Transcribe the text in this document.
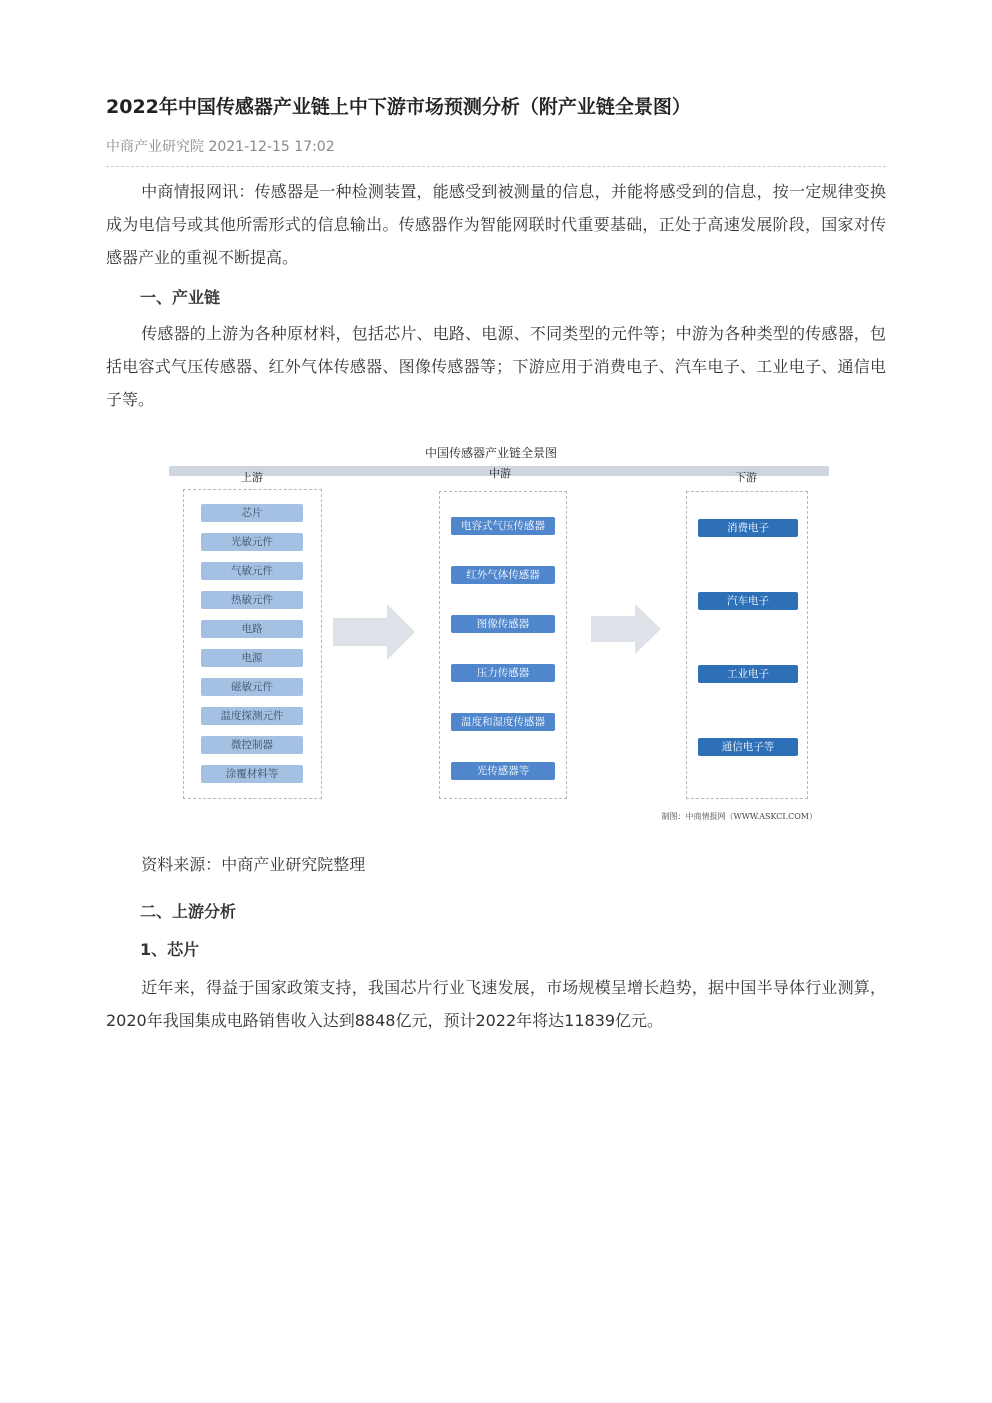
2022年中国传感器产业链上中下游市场预测分析（附产业链全景图）
中商产业研究院 2021-12-15 17:02

中商情报网讯：传感器是一种检测装置，能感受到被测量的信息，并能将感受到的信息，按一定规律变换成为电信号或其他所需形式的信息输出。传感器作为智能网联时代重要基础，正处于高速发展阶段，国家对传感器产业的重视不断提高。

一、产业链

传感器的上游为各种原材料，包括芯片、电路、电源、不同类型的元件等；中游为各种类型的传感器，包括电容式气压传感器、红外气体传感器、图像传感器等；下游应用于消费电子、汽车电子、工业电子、通信电子等。

中国传感器产业链全景图
上游	中游	下游
芯片
光敏元件
气敏元件
热敏元件
电路
电源
磁敏元件
温度探测元件
微控制器
涂覆材料等
电容式气压传感器
红外气体传感器
图像传感器
压力传感器
温度和湿度传感器
光传感器等
消费电子
汽车电子
工业电子
通信电子等
制图：中商情报网（WWW.ASKCI.COM）

资料来源：中商产业研究院整理

二、上游分析
1、芯片

近年来，得益于国家政策支持，我国芯片行业飞速发展，市场规模呈增长趋势，据中国半导体行业测算，2020年我国集成电路销售收入达到8848亿元，预计2022年将达11839亿元。
